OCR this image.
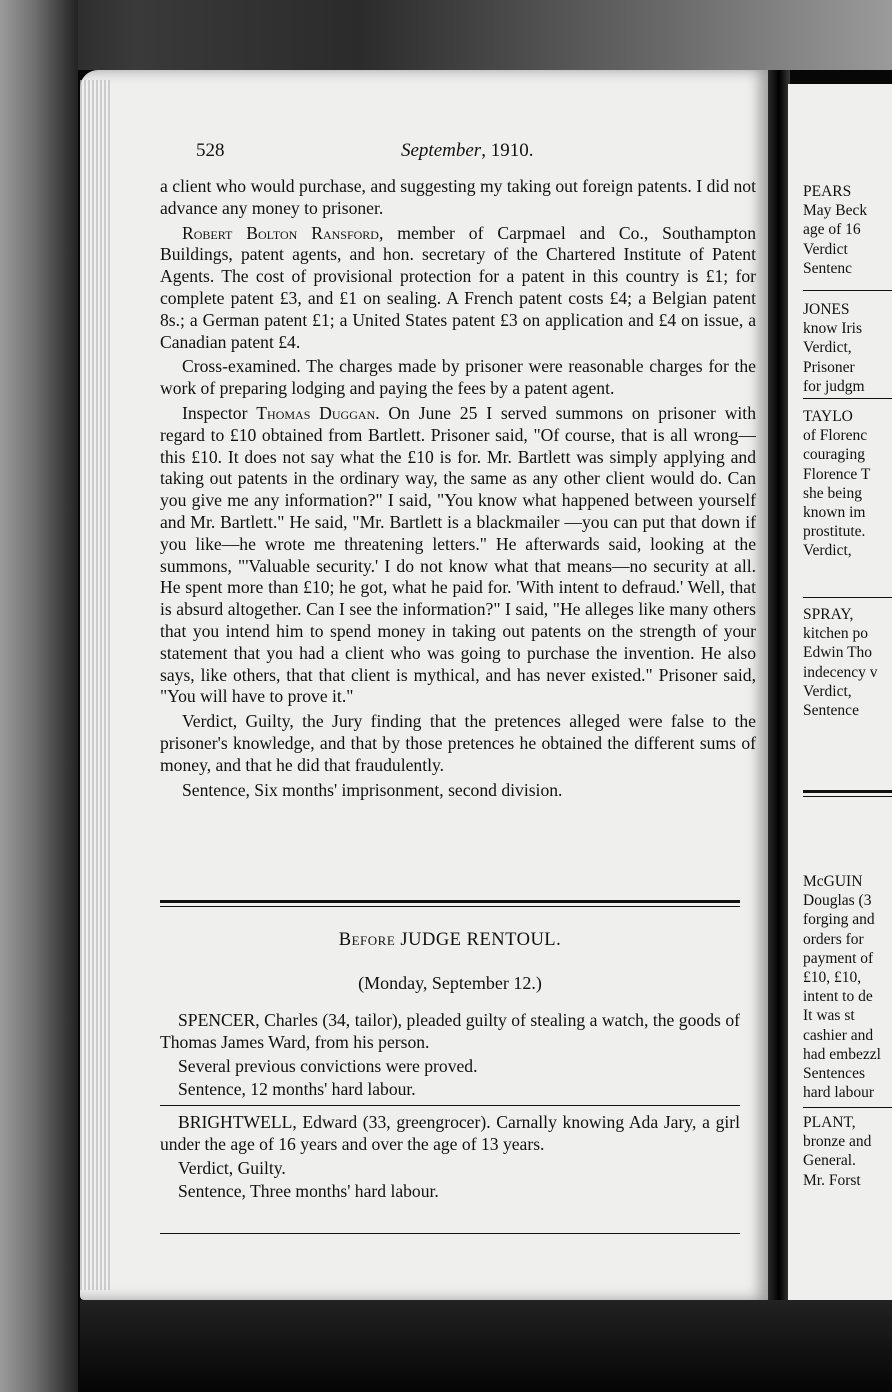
528	September, 1910.

a client who would purchase, and suggesting my taking out foreign patents. I did not advance any money to prisoner.

Robert Bolton Ransford, member of Carpmael and Co., Southampton Buildings, patent agents, and hon. secretary of the Chartered Institute of Patent Agents. The cost of provisional protection for a patent in this country is £1; for complete patent £3, and £1 on sealing. A French patent costs £4; a Belgian patent 8s.; a German patent £1; a United States patent £3 on application and £4 on issue, a Canadian patent £4.

Cross-examined. The charges made by prisoner were reasonable charges for the work of preparing lodging and paying the fees by a patent agent.

Inspector Thomas Duggan. On June 25 I served summons on prisoner with regard to £10 obtained from Bartlett. Prisoner said, "Of course, that is all wrong—this £10. It does not say what the £10 is for. Mr. Bartlett was simply applying and taking out patents in the ordinary way, the same as any other client would do. Can you give me any information?" I said, "You know what happened between yourself and Mr. Bartlett." He said, "Mr. Bartlett is a blackmailer —you can put that down if you like—he wrote me threatening letters." He afterwards said, looking at the summons, "'Valuable security.' I do not know what that means—no security at all. He spent more than £10; he got, what he paid for. 'With intent to defraud.' Well, that is absurd altogether. Can I see the information?" I said, "He alleges like many others that you intend him to spend money in taking out patents on the strength of your statement that you had a client who was going to purchase the invention. He also says, like others, that that client is mythical, and has never existed." Prisoner said, "You will have to prove it."

Verdict, Guilty, the Jury finding that the pretences alleged were false to the prisoner's knowledge, and that by those pretences he obtained the different sums of money, and that he did that fraudulently.

Sentence, Six months' imprisonment, second division.

Before JUDGE RENTOUL.
(Monday, September 12.)

SPENCER, Charles (34, tailor), pleaded guilty of stealing a watch, the goods of Thomas James Ward, from his person.

Several previous convictions were proved.

Sentence, 12 months' hard labour.

BRIGHTWELL, Edward (33, greengrocer). Carnally knowing Ada Jary, a girl under the age of 16 years and over the age of 13 years.

Verdict, Guilty.

Sentence, Three months' hard labour.

PEARS
May Beck
age of 16
Verdict
Sentenc
JONES
know Iris
Verdict,
Prisoner
for judgm
TAYLO
of Florenc
couraging
Florence T
she being
known im
prostitute.
Verdict,
SPRAY,
kitchen po
Edwin Tho
indecency v
Verdict,
Sentence
McGUIN
Douglas (3
forging and
orders for
payment of
£10, £10,
intent to de
It was st
cashier and
had embezzl
Sentences
hard labour
PLANT,
bronze and
General.
Mr. Forst
